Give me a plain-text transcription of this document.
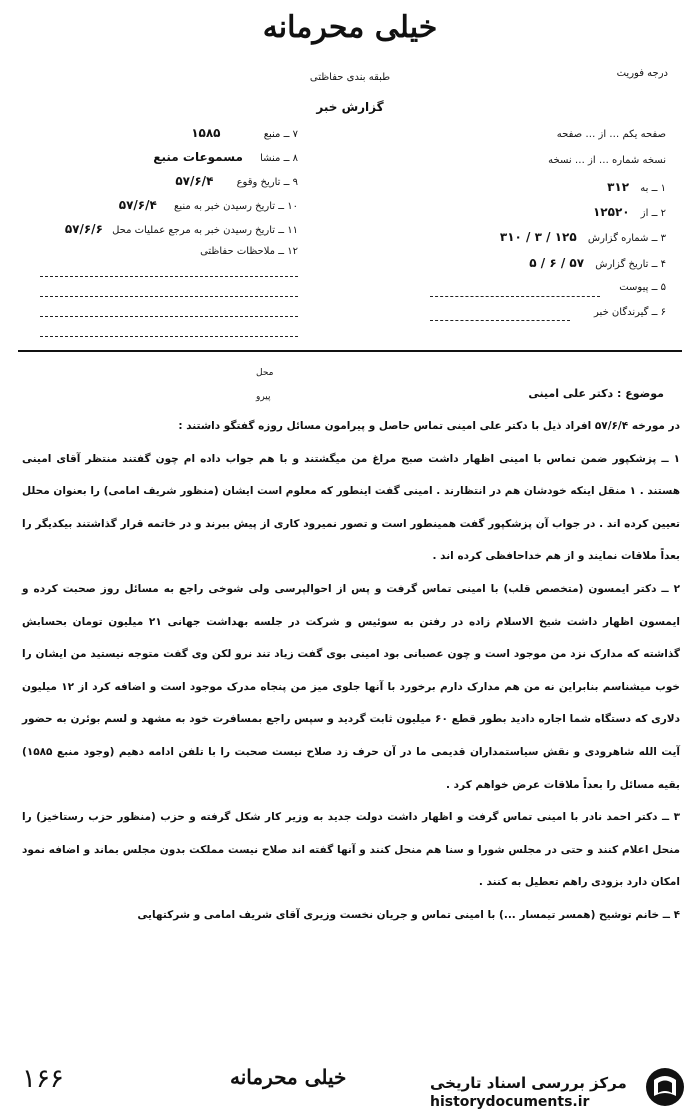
خیلی محرمانه
طبقه بندی حفاظتی
گزارش خبر
درجه فوریت
صفحه یکم … از … صفحه
نسخه شماره … از … نسخه
۱ ــ به ۳۱۲
۲ ــ از ۱۲۵۲۰
۳ ــ شماره گزارش ۱۲۵ / ۳ / ۳۱۰
۴ ــ تاریخ گزارش ۵۷ / ۶ / ۵
۵ ــ پیوست
۶ ــ گیرندگان خبر
۷ ــ منبع ۱۵۸۵
۸ ــ منشا مسموعات منبع
۹ ــ تاریخ وقوع ۵۷/۶/۴
۱۰ ــ تاریخ رسیدن خبر به منبع ۵۷/۶/۴
۱۱ ــ تاریخ رسیدن خبر به مرجع عملیات محل ۵۷/۶/۶
۱۲ ــ ملاحظات حفاظتی
محل
پیرو	موضوع : دکتر علی امینی

در مورخه ۵۷/۶/۴ افراد ذیل با دکتر علی امینی تماس حاصل و پیرامون مسائل روزه گفتگو داشتند :

۱ ــ پزشکپور ضمن تماس با امینی اظهار داشت صبح مراغ من میگشتند و با هم جواب داده ام چون گفتند منتظر آقای امینی هستند . ۱ منقل اینکه خودشان هم در انتظارند . امینی گفت اینطور که معلوم است ایشان (منظور شریف امامی) را بعنوان محلل تعیین کرده اند . در جواب آن پزشکپور گفت همینطور است و تصور نمیرود کاری از پیش ببرند و در خاتمه قرار گذاشتند بیکدیگر را بعداً ملاقات نمایند و از هم خداحافظی کرده اند .

۲ ــ دکتر ایمسون (متخصص قلب) با امینی تماس گرفت و پس از احوالپرسی ولی شوخی راجع به مسائل روز صحبت کرده و ایمسون اظهار داشت شیخ الاسلام زاده در رفتن به سوئیس و شرکت در جلسه بهداشت جهانی ۲۱ میلیون تومان بحسابش گذاشته که مدارک نزد من موجود است و چون عصبانی بود امینی بوی گفت زیاد تند نرو لکن وی گفت متوجه نیستید من ایشان را خوب میشناسم بنابراین نه من هم مدارک دارم برخورد با آنها جلوی میز من پنجاه مدرک موجود است و اضافه کرد از ۱۲ میلیون دلاری که دستگاه شما اجاره دادید بطور قطع ۶۰ میلیون ثابت گردید و سپس راجع بمسافرت خود به مشهد و لسم بوئرن به حضور آیت الله شاهرودی و نقش سیاستمداران قدیمی ما در آن حرف زد صلاح نیست صحبت را با تلفن ادامه دهیم (وجود منبع ۱۵۸۵) بقیه مسائل را بعداً ملاقات عرض خواهم کرد .

۳ ــ دکتر احمد نادر با امینی تماس گرفت و اظهار داشت دولت جدید به وزیر کار شکل گرفته و حزب (منظور حزب رستاخیز) را منحل اعلام کنند و حتی در مجلس شورا و سنا هم منحل کنند و آنها گفته اند صلاح نیست مملکت بدون مجلس بماند و اضافه نمود امکان دارد بزودی راهم تعطیل به کنند .

۴ ــ خانم توشیح (همسر تیمسار ...) با امینی تماس و جریان نخست وزیری آقای شریف امامی و شرکتهایی

۱۶۶	خیلی محرمانه	مرکز بررسی اسناد تاریخی
historydocuments.ir
